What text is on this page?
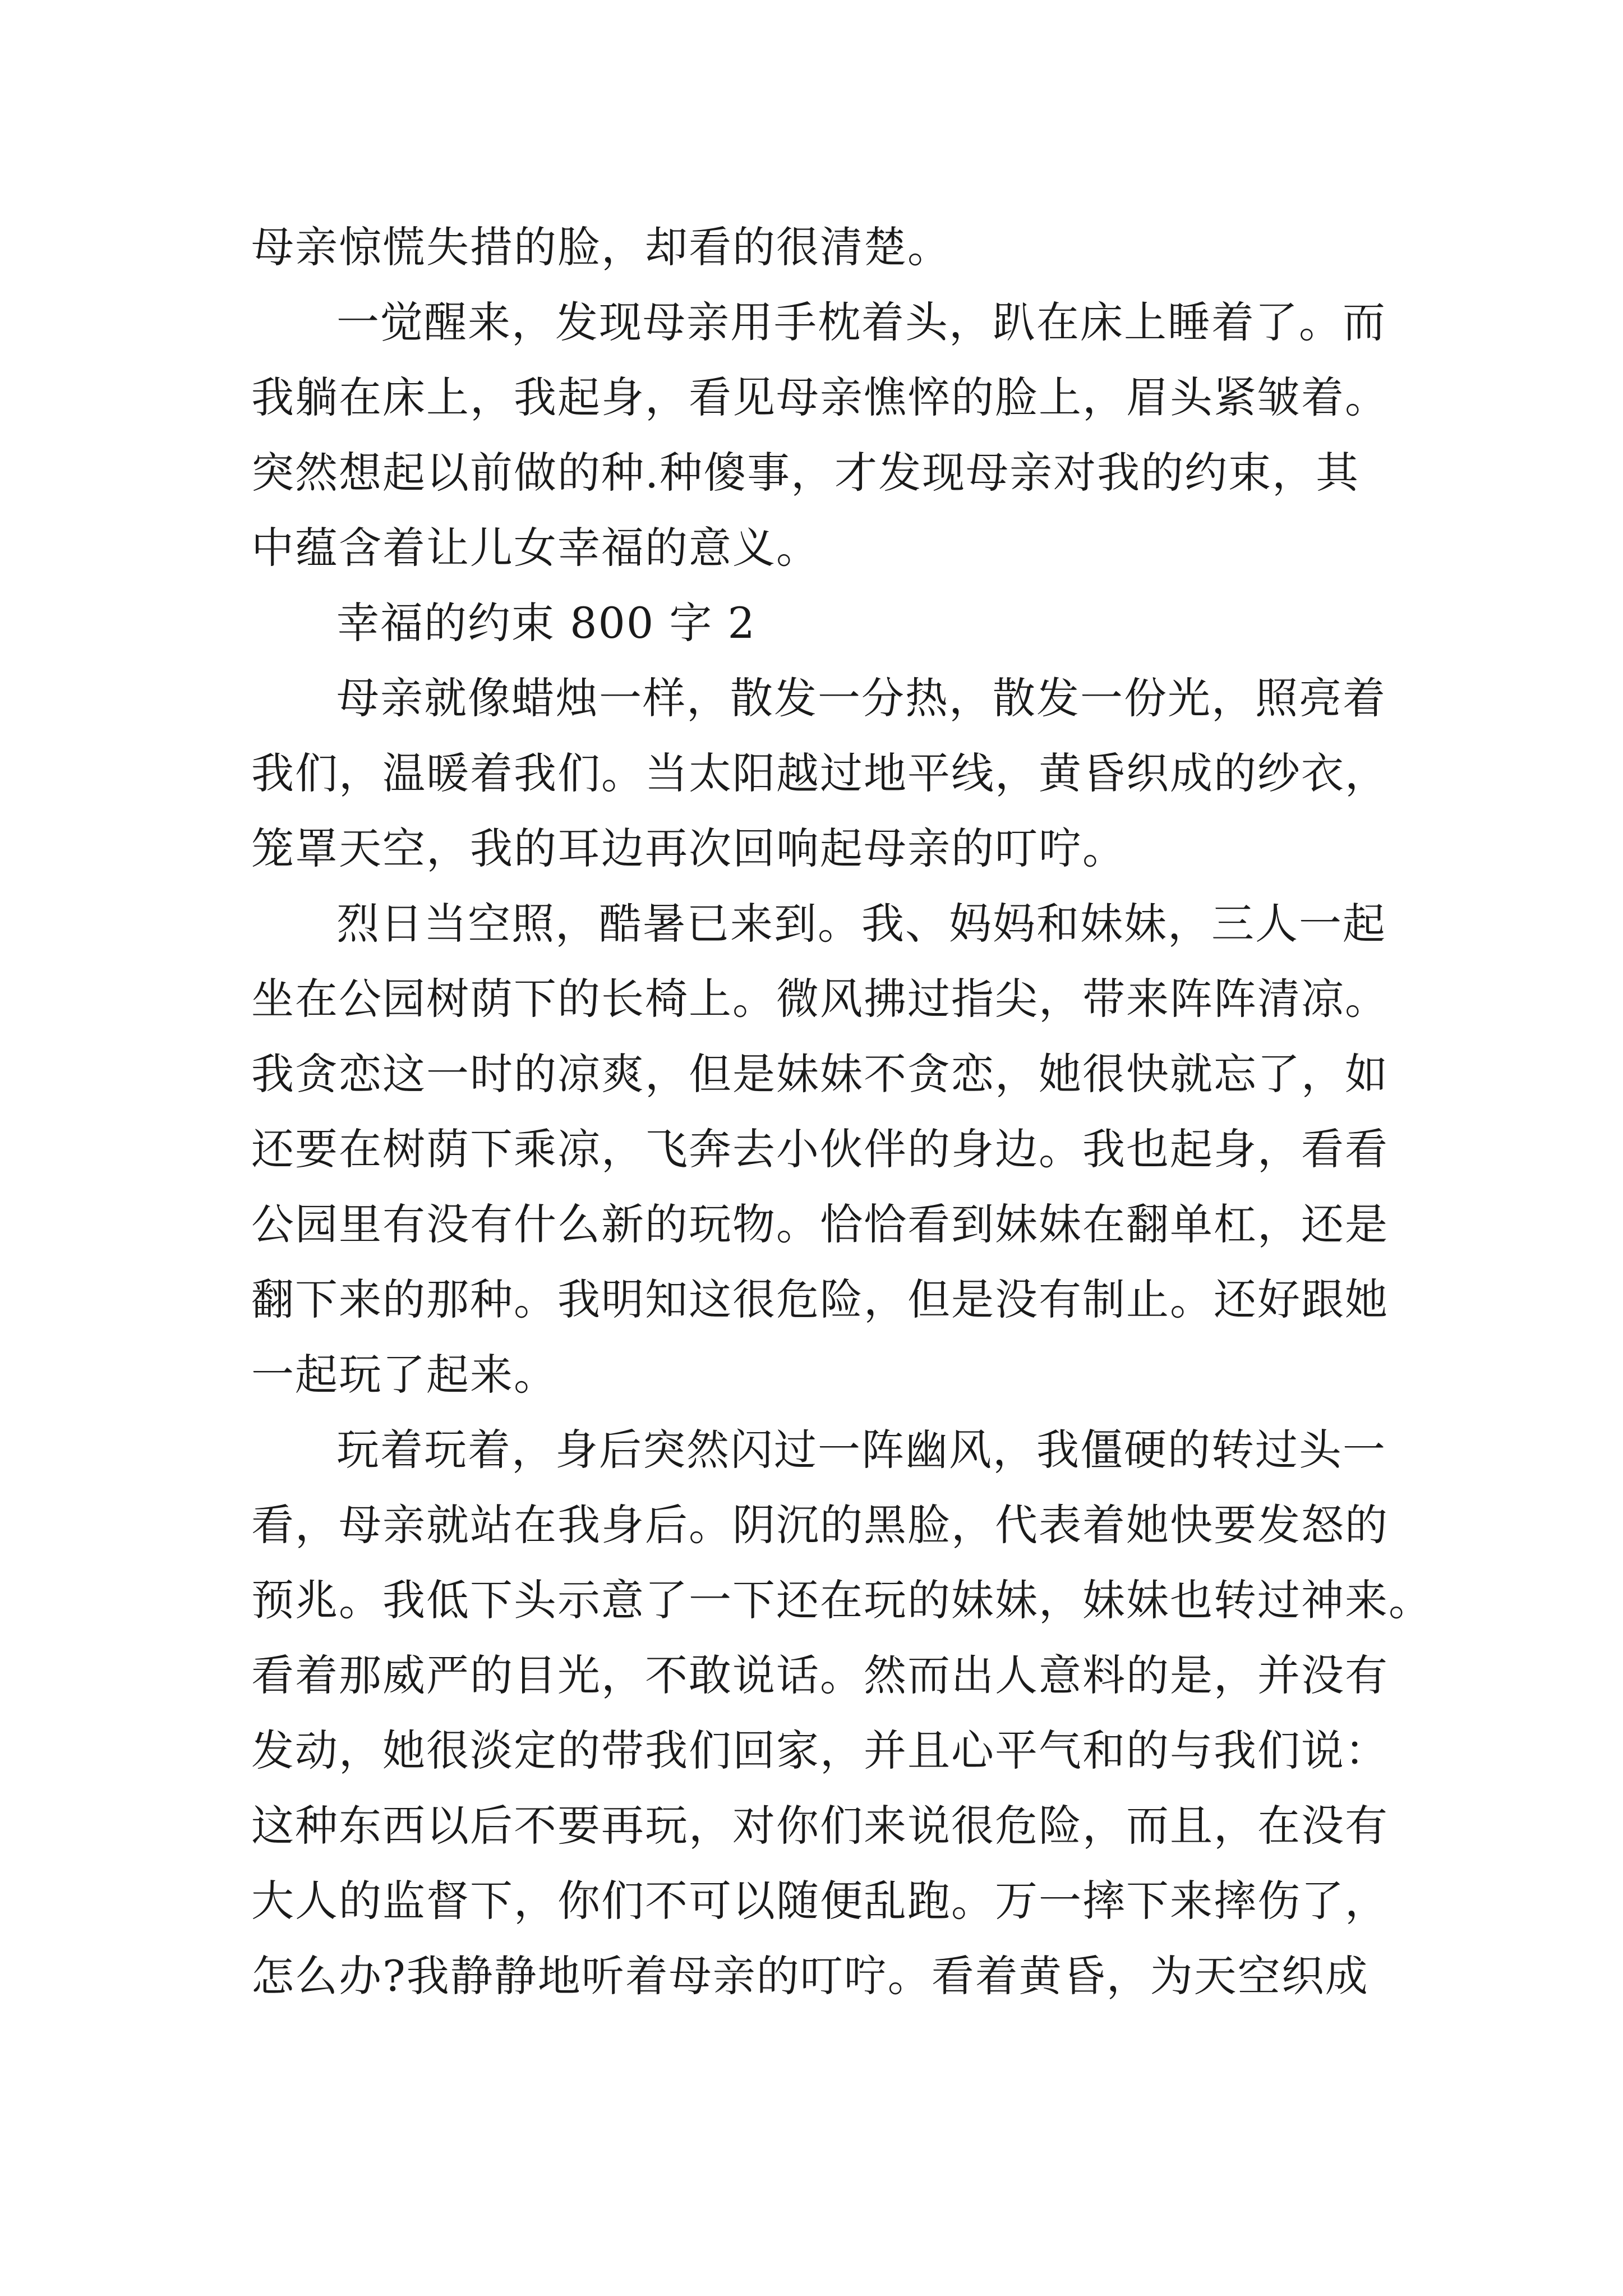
母亲惊慌失措的脸，却看的很清楚。
一觉醒来，发现母亲用手枕着头，趴在床上睡着了。而
我躺在床上，我起身，看见母亲憔悴的脸上，眉头紧皱着。
突然想起以前做的种.种傻事，才发现母亲对我的约束，其
中蕴含着让儿女幸福的意义。
幸福的约束 800 字 2
母亲就像蜡烛一样，散发一分热，散发一份光，照亮着
我们，温暖着我们。当太阳越过地平线，黄昏织成的纱衣，
笼罩天空，我的耳边再次回响起母亲的叮咛。
烈日当空照，酷暑已来到。我、妈妈和妹妹，三人一起
坐在公园树荫下的长椅上。微风拂过指尖，带来阵阵清凉。
我贪恋这一时的凉爽，但是妹妹不贪恋，她很快就忘了，如
还要在树荫下乘凉，飞奔去小伙伴的身边。我也起身，看看
公园里有没有什么新的玩物。恰恰看到妹妹在翻单杠，还是
翻下来的那种。我明知这很危险，但是没有制止。还好跟她
一起玩了起来。
玩着玩着，身后突然闪过一阵幽风，我僵硬的转过头一
看，母亲就站在我身后。阴沉的黑脸，代表着她快要发怒的
预兆。我低下头示意了一下还在玩的妹妹，妹妹也转过神来。
看着那威严的目光，不敢说话。然而出人意料的是，并没有
发动，她很淡定的带我们回家，并且心平气和的与我们说：
这种东西以后不要再玩，对你们来说很危险，而且，在没有
大人的监督下，你们不可以随便乱跑。万一摔下来摔伤了，
怎么办?我静静地听着母亲的叮咛。看着黄昏，为天空织成
